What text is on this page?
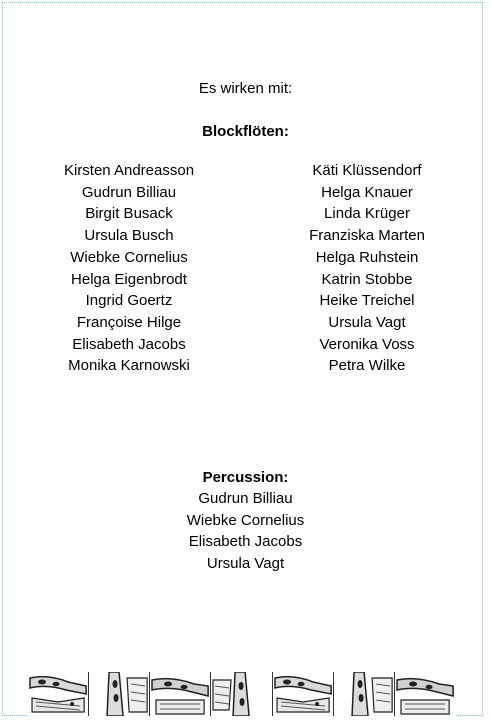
Es wirken mit:
Blockflöten:
Kirsten Andreasson
Gudrun Billiau
Birgit Busack
Ursula Busch
Wiebke Cornelius
Helga Eigenbrodt
Ingrid Goertz
Françoise Hilge
Elisabeth Jacobs
Monika Karnowski
Käti Klüssendorf
Helga Knauer
Linda Krüger
Franziska Marten
Helga Ruhstein
Katrin Stobbe
Heike Treichel
Ursula Vagt
Veronika Voss
Petra Wilke
Percussion:
Gudrun Billiau
Wiebke Cornelius
Elisabeth Jacobs
Ursula Vagt
